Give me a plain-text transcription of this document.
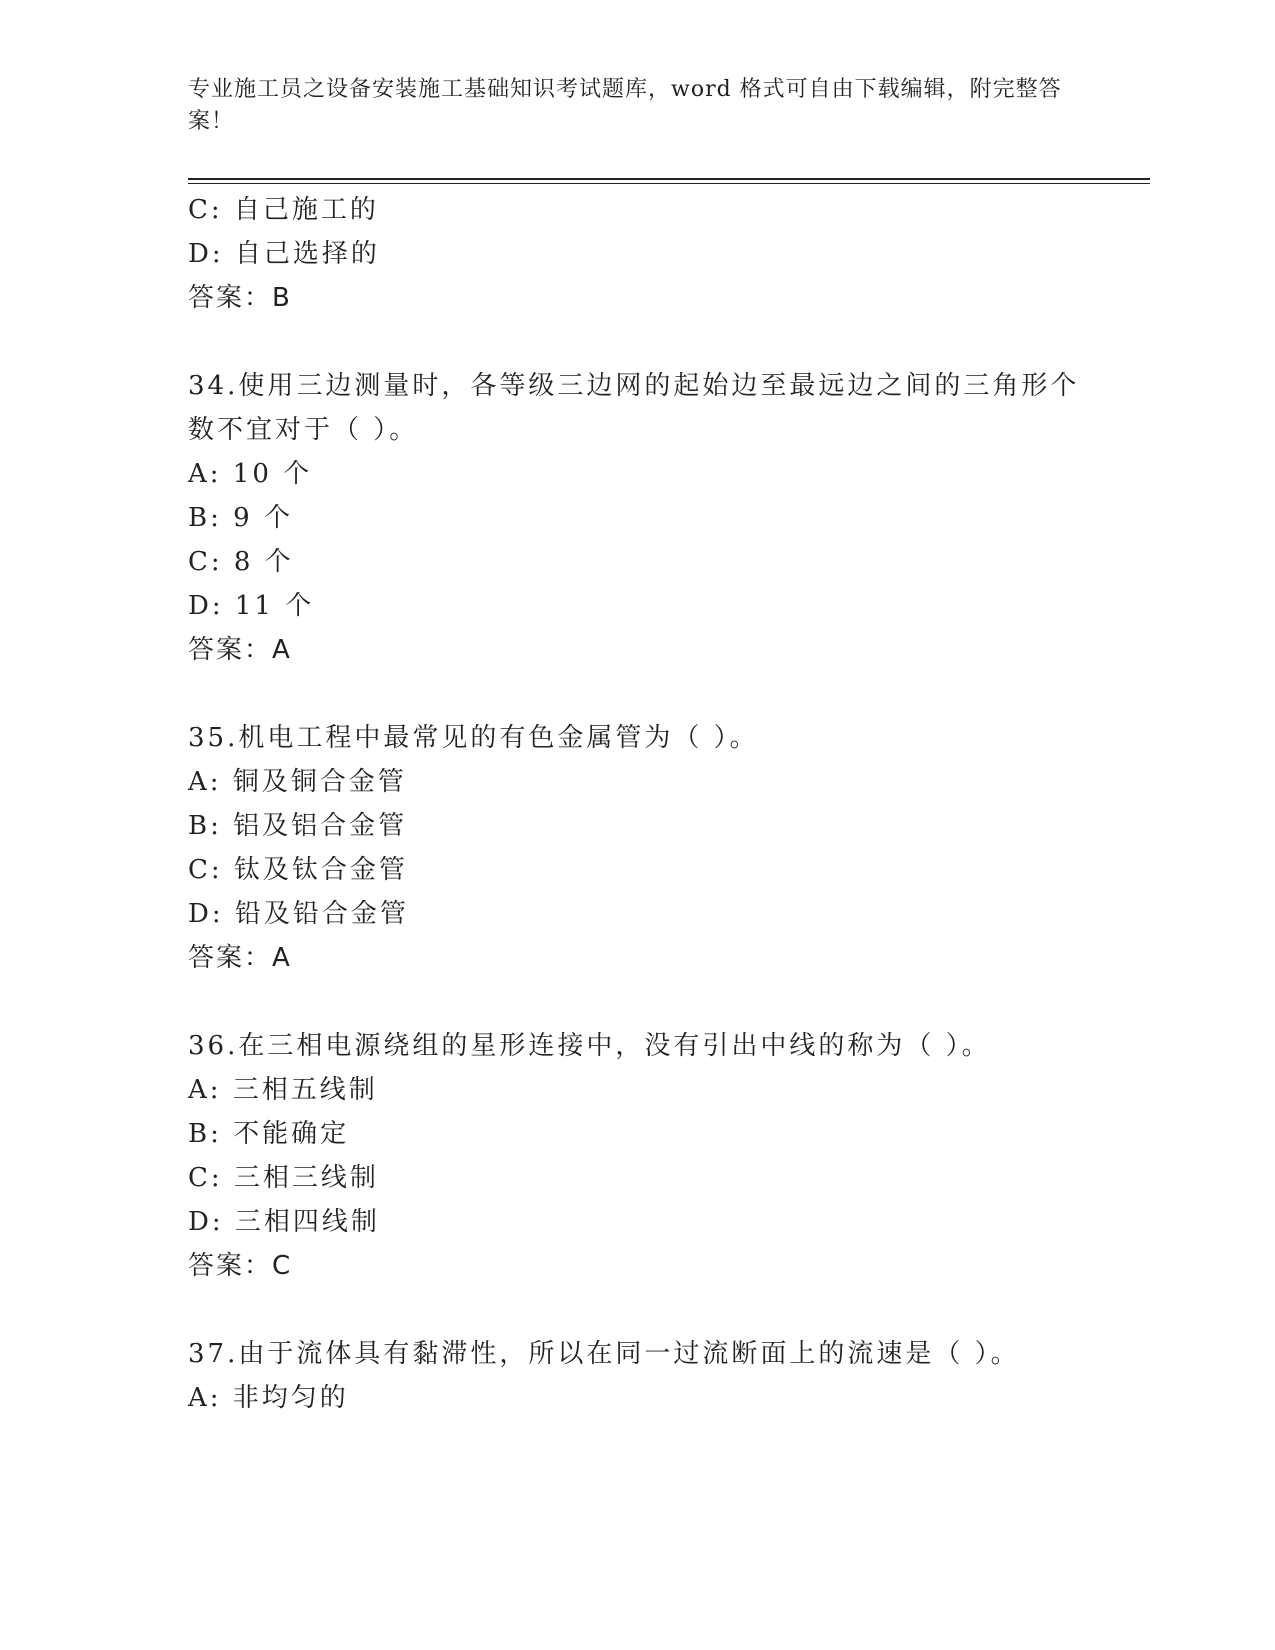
专业施工员之设备安装施工基础知识考试题库，word 格式可自由下载编辑，附完整答案！
C: 自己施工的
D: 自己选择的
答案：B
34.使用三边测量时，各等级三边网的起始边至最远边之间的三角形个
数不宜对于（ ）。
A: 10 个
B: 9 个
C: 8 个
D: 11 个
答案：A
35.机电工程中最常见的有色金属管为（ ）。
A: 铜及铜合金管
B: 铝及铝合金管
C: 钛及钛合金管
D: 铅及铅合金管
答案：A
36.在三相电源绕组的星形连接中，没有引出中线的称为（ ）。
A: 三相五线制
B: 不能确定
C: 三相三线制
D: 三相四线制
答案：C
37.由于流体具有黏滞性，所以在同一过流断面上的流速是（ ）。
A: 非均匀的
